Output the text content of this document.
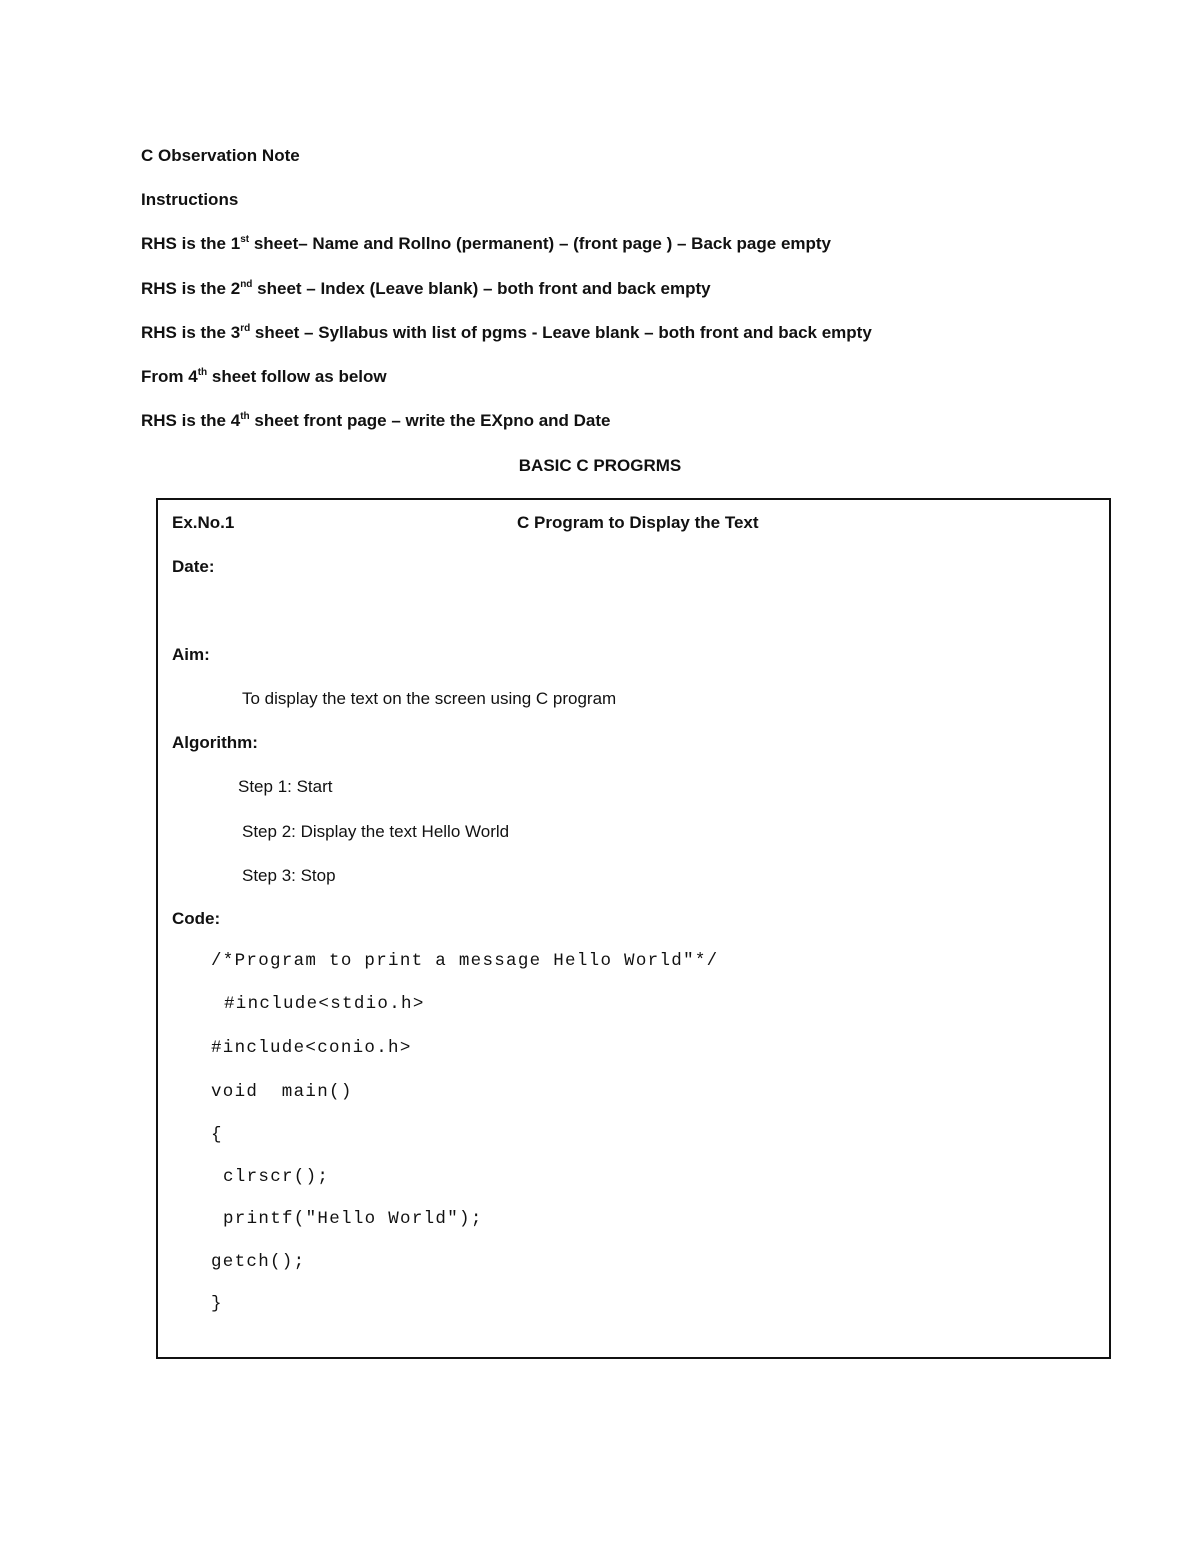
C Observation Note
Instructions
RHS is the 1st sheet– Name and Rollno (permanent) – (front page ) – Back page empty
RHS is the 2nd sheet – Index (Leave blank) – both front and back empty
RHS is the 3rd sheet – Syllabus with list of pgms - Leave blank – both front and back empty
From 4th sheet follow as below
RHS is the 4th sheet front page – write the EXpno and Date
BASIC C PROGRMS
Ex.No.1	C Program to Display the Text
Date:
Aim:
To display the text on the screen using C program
Algorithm:
Step 1: Start
Step 2: Display the text Hello World
Step 3: Stop
Code:
/*Program to print a message Hello World"*/
#include<stdio.h>
#include<conio.h>
void  main()
{
clrscr();
printf("Hello World");
getch();
}
